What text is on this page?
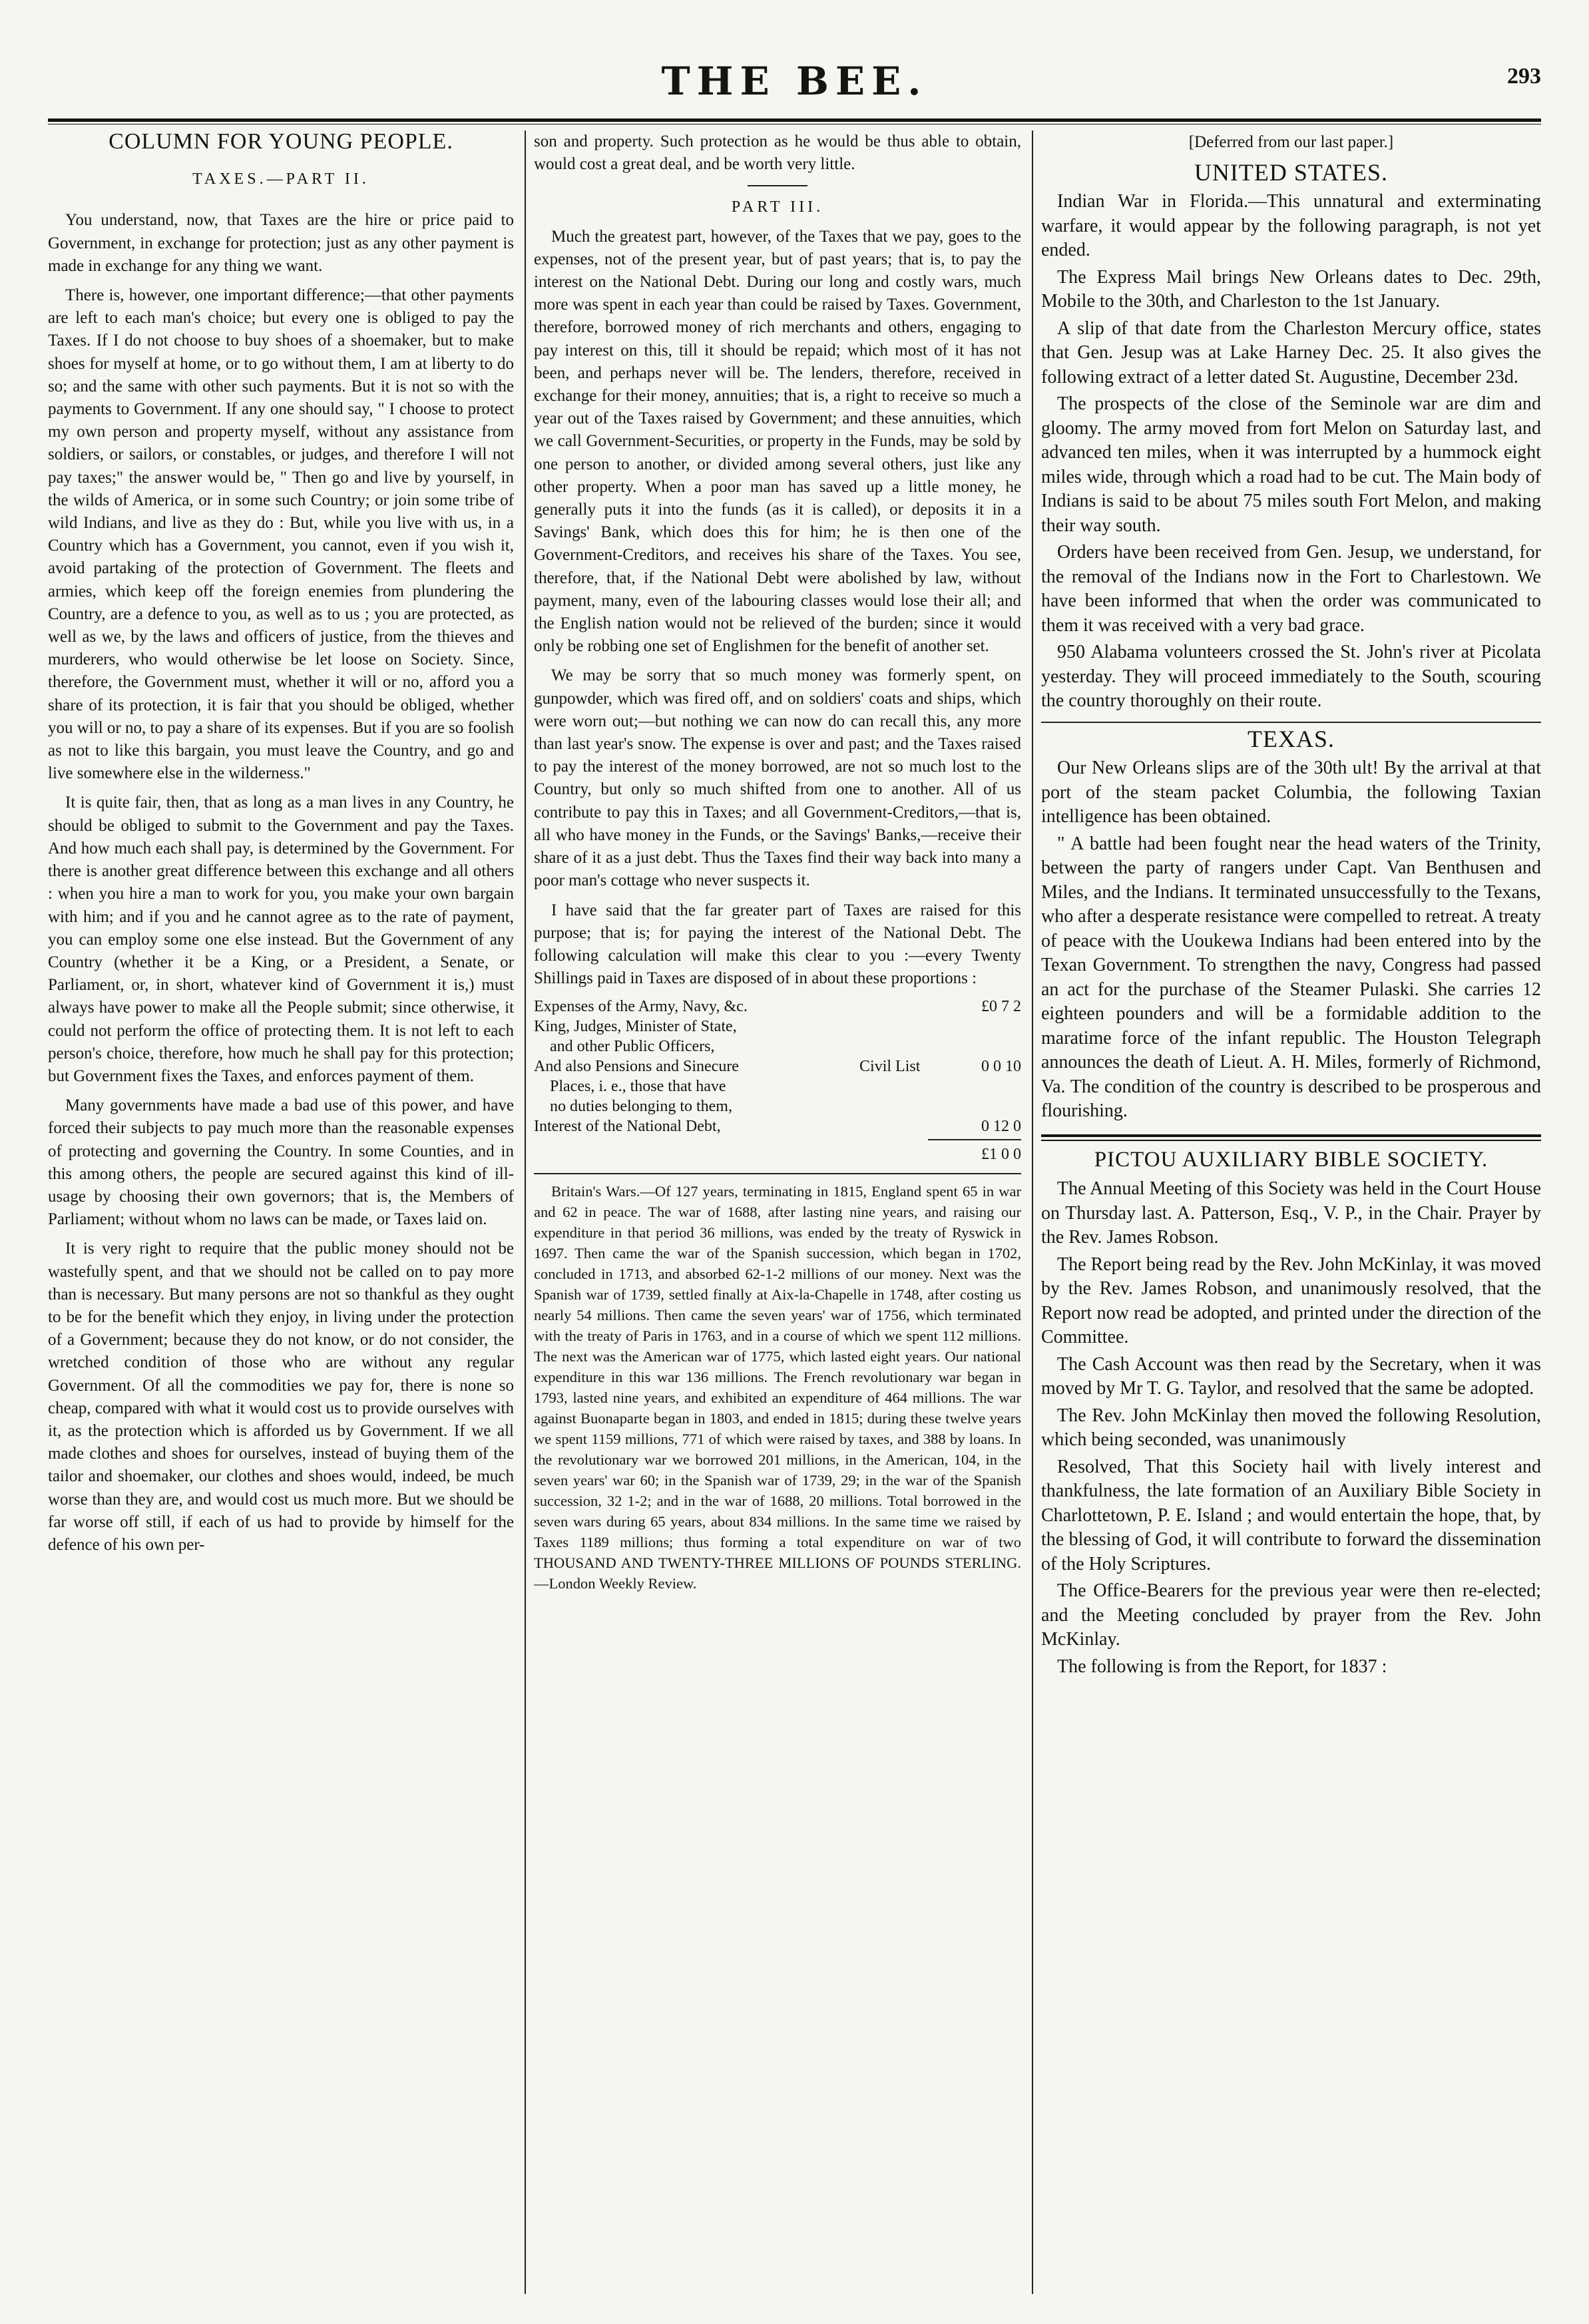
THE BEE.	293
COLUMN FOR YOUNG PEOPLE.
TAXES.—PART II.

You understand, now, that Taxes are the hire or price paid to Government, in exchange for protection; just as any other payment is made in exchange for any thing we want.

There is, however, one important difference;—that other payments are left to each man's choice; but every one is obliged to pay the Taxes. If I do not choose to buy shoes of a shoemaker, but to make shoes for myself at home, or to go without them, I am at liberty to do so; and the same with other such payments. But it is not so with the payments to Government. If any one should say, " I choose to protect my own person and property myself, without any assistance from soldiers, or sailors, or constables, or judges, and therefore I will not pay taxes;" the answer would be, " Then go and live by yourself, in the wilds of America, or in some such Country; or join some tribe of wild Indians, and live as they do : But, while you live with us, in a Country which has a Government, you cannot, even if you wish it, avoid partaking of the protection of Government. The fleets and armies, which keep off the foreign enemies from plundering the Country, are a defence to you, as well as to us ; you are protected, as well as we, by the laws and officers of justice, from the thieves and murderers, who would otherwise be let loose on Society. Since, therefore, the Government must, whether it will or no, afford you a share of its protection, it is fair that you should be obliged, whether you will or no, to pay a share of its expenses. But if you are so foolish as not to like this bargain, you must leave the Country, and go and live somewhere else in the wilderness."

It is quite fair, then, that as long as a man lives in any Country, he should be obliged to submit to the Government and pay the Taxes. And how much each shall pay, is determined by the Government. For there is another great difference between this exchange and all others : when you hire a man to work for you, you make your own bargain with him; and if you and he cannot agree as to the rate of payment, you can employ some one else instead. But the Government of any Country (whether it be a King, or a President, a Senate, or Parliament, or, in short, whatever kind of Government it is,) must always have power to make all the People submit; since otherwise, it could not perform the office of protecting them. It is not left to each person's choice, therefore, how much he shall pay for this protection; but Government fixes the Taxes, and enforces payment of them.

Many governments have made a bad use of this power, and have forced their subjects to pay much more than the reasonable expenses of protecting and governing the Country. In some Counties, and in this among others, the people are secured against this kind of ill-usage by choosing their own governors; that is, the Members of Parliament; without whom no laws can be made, or Taxes laid on.

It is very right to require that the public money should not be wastefully spent, and that we should not be called on to pay more than is necessary. But many persons are not so thankful as they ought to be for the benefit which they enjoy, in living under the protection of a Government; because they do not know, or do not consider, the wretched condition of those who are without any regular Government. Of all the commodities we pay for, there is none so cheap, compared with what it would cost us to provide ourselves with it, as the protection which is afforded us by Government. If we all made clothes and shoes for ourselves, instead of buying them of the tailor and shoemaker, our clothes and shoes would, indeed, be much worse than they are, and would cost us much more. But we should be far worse off still, if each of us had to provide by himself for the defence of his own per-

son and property. Such protection as he would be thus able to obtain, would cost a great deal, and be worth very little.

PART III.

Much the greatest part, however, of the Taxes that we pay, goes to the expenses, not of the present year, but of past years; that is, to pay the interest on the National Debt. During our long and costly wars, much more was spent in each year than could be raised by Taxes. Government, therefore, borrowed money of rich merchants and others, engaging to pay interest on this, till it should be repaid; which most of it has not been, and perhaps never will be. The lenders, therefore, received in exchange for their money, annuities; that is, a right to receive so much a year out of the Taxes raised by Government; and these annuities, which we call Government-Securities, or property in the Funds, may be sold by one person to another, or divided among several others, just like any other property. When a poor man has saved up a little money, he generally puts it into the funds (as it is called), or deposits it in a Savings' Bank, which does this for him; he is then one of the Government-Creditors, and receives his share of the Taxes. You see, therefore, that, if the National Debt were abolished by law, without payment, many, even of the labouring classes would lose their all; and the English nation would not be relieved of the burden; since it would only be robbing one set of Englishmen for the benefit of another set.

We may be sorry that so much money was formerly spent, on gunpowder, which was fired off, and on soldiers' coats and ships, which were worn out;—but nothing we can now do can recall this, any more than last year's snow. The expense is over and past; and the Taxes raised to pay the interest of the money borrowed, are not so much lost to the Country, but only so much shifted from one to another. All of us contribute to pay this in Taxes; and all Government-Creditors,—that is, all who have money in the Funds, or the Savings' Banks,—receive their share of it as a just debt. Thus the Taxes find their way back into many a poor man's cottage who never suspects it.

I have said that the far greater part of Taxes are raised for this purpose; that is; for paying the interest of the National Debt. The following calculation will make this clear to you :—every Twenty Shillings paid in Taxes are disposed of in about these proportions :

Expenses of the Army, Navy, &c.		£0 7 2

King, Judges, Minister of State,
and other Public Officers,
And also Pensions and Sinecure
Places, i. e., those that have
no duties belonging to them,	Civil List	0 0 10
Interest of the National Debt,		0 12 0
£1 0 0

Britain's Wars.—Of 127 years, terminating in 1815, England spent 65 in war and 62 in peace. The war of 1688, after lasting nine years, and raising our expenditure in that period 36 millions, was ended by the treaty of Ryswick in 1697. Then came the war of the Spanish succession, which began in 1702, concluded in 1713, and absorbed 62-1-2 millions of our money. Next was the Spanish war of 1739, settled finally at Aix-la-Chapelle in 1748, after costing us nearly 54 millions. Then came the seven years' war of 1756, which terminated with the treaty of Paris in 1763, and in a course of which we spent 112 millions. The next was the American war of 1775, which lasted eight years. Our national expenditure in this war 136 millions. The French revolutionary war began in 1793, lasted nine years, and exhibited an expenditure of 464 millions. The war against Buonaparte began in 1803, and ended in 1815; during these twelve years we spent 1159 millions, 771 of which were raised by taxes, and 388 by loans. In the revolutionary war we borrowed 201 millions, in the American, 104, in the seven years' war 60; in the Spanish war of 1739, 29; in the war of the Spanish succession, 32 1-2; and in the war of 1688, 20 millions. Total borrowed in the seven wars during 65 years, about 834 millions. In the same time we raised by Taxes 1189 millions; thus forming a total expenditure on war of two THOUSAND AND TWENTY-THREE MILLIONS OF POUNDS STERLING.—London Weekly Review.

[Deferred from our last paper.]
UNITED STATES.

Indian War in Florida.—This unnatural and exterminating warfare, it would appear by the following paragraph, is not yet ended.

The Express Mail brings New Orleans dates to Dec. 29th, Mobile to the 30th, and Charleston to the 1st January.

A slip of that date from the Charleston Mercury office, states that Gen. Jesup was at Lake Harney Dec. 25. It also gives the following extract of a letter dated St. Augustine, December 23d.

The prospects of the close of the Seminole war are dim and gloomy. The army moved from fort Melon on Saturday last, and advanced ten miles, when it was interrupted by a hummock eight miles wide, through which a road had to be cut. The Main body of Indians is said to be about 75 miles south Fort Melon, and making their way south.

Orders have been received from Gen. Jesup, we understand, for the removal of the Indians now in the Fort to Charlestown. We have been informed that when the order was communicated to them it was received with a very bad grace.

950 Alabama volunteers crossed the St. John's river at Picolata yesterday. They will proceed immediately to the South, scouring the country thoroughly on their route.

TEXAS.

Our New Orleans slips are of the 30th ult! By the arrival at that port of the steam packet Columbia, the following Taxian intelligence has been obtained.

" A battle had been fought near the head waters of the Trinity, between the party of rangers under Capt. Van Benthusen and Miles, and the Indians. It terminated unsuccessfully to the Texans, who after a desperate resistance were compelled to retreat. A treaty of peace with the Uoukewa Indians had been entered into by the Texan Government. To strengthen the navy, Congress had passed an act for the purchase of the Steamer Pulaski. She carries 12 eighteen pounders and will be a formidable addition to the maratime force of the infant republic. The Houston Telegraph announces the death of Lieut. A. H. Miles, formerly of Richmond, Va. The condition of the country is described to be prosperous and flourishing.

PICTOU AUXILIARY BIBLE SOCIETY.

The Annual Meeting of this Society was held in the Court House on Thursday last. A. Patterson, Esq., V. P., in the Chair. Prayer by the Rev. James Robson.

The Report being read by the Rev. John McKinlay, it was moved by the Rev. James Robson, and unanimously resolved, that the Report now read be adopted, and printed under the direction of the Committee.

The Cash Account was then read by the Secretary, when it was moved by Mr T. G. Taylor, and resolved that the same be adopted.

The Rev. John McKinlay then moved the following Resolution, which being seconded, was unanimously

Resolved, That this Society hail with lively interest and thankfulness, the late formation of an Auxiliary Bible Society in Charlottetown, P. E. Island ; and would entertain the hope, that, by the blessing of God, it will contribute to forward the dissemination of the Holy Scriptures.

The Office-Bearers for the previous year were then re-elected; and the Meeting concluded by prayer from the Rev. John McKinlay.

The following is from the Report, for 1837 :
